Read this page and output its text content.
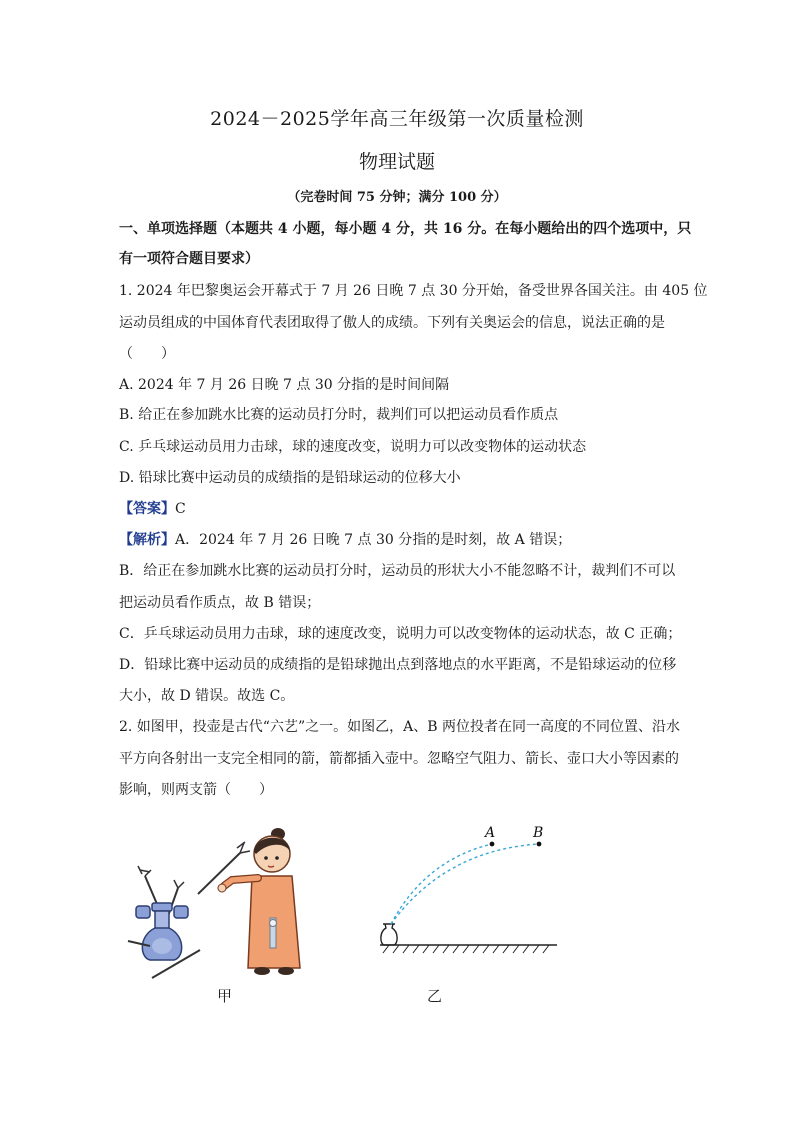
2024－2025学年高三年级第一次质量检测
物理试题
（完卷时间 75 分钟；满分 100 分）
一、单项选择题（本题共 4 小题，每小题 4 分，共 16 分。在每小题给出的四个选项中，只
有一项符合题目要求）
1. 2024 年巴黎奥运会开幕式于 7 月 26 日晚 7 点 30 分开始，备受世界各国关注。由 405 位
运动员组成的中国体育代表团取得了傲人的成绩。下列有关奥运会的信息，说法正确的是
（　　）
A. 2024 年 7 月 26 日晚 7 点 30 分指的是时间间隔
B. 给正在参加跳水比赛的运动员打分时，裁判们可以把运动员看作质点
C. 乒乓球运动员用力击球，球的速度改变，说明力可以改变物体的运动状态
D. 铅球比赛中运动员的成绩指的是铅球运动的位移大小
【答案】C
【解析】A．2024 年 7 月 26 日晚 7 点 30 分指的是时刻，故 A 错误；
B．给正在参加跳水比赛的运动员打分时，运动员的形状大小不能忽略不计，裁判们不可以
把运动员看作质点，故 B 错误；
C．乒乓球运动员用力击球，球的速度改变，说明力可以改变物体的运动状态，故 C 正确；
D．铅球比赛中运动员的成绩指的是铅球抛出点到落地点的水平距离，不是铅球运动的位移
大小，故 D 错误。故选 C。
2. 如图甲，投壶是古代“六艺”之一。如图乙，A、B 两位投者在同一高度的不同位置、沿水
平方向各射出一支完全相同的箭，箭都插入壶中。忽略空气阻力、箭长、壶口大小等因素的
影响，则两支箭（　　）
甲
A	B
乙
